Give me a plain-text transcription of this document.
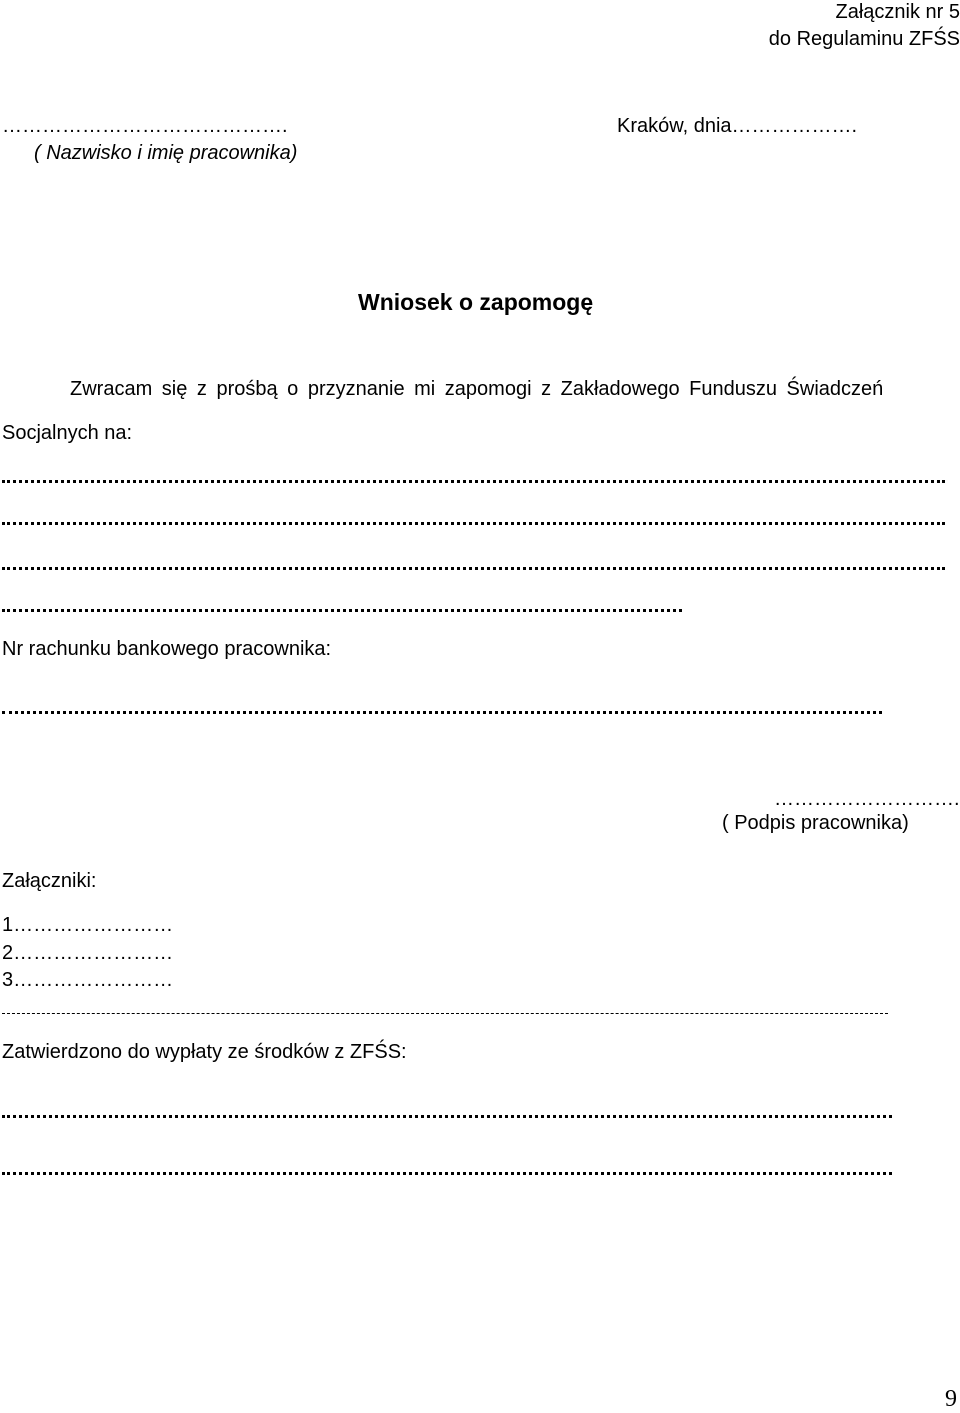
Załącznik nr 5
do Regulaminu ZFŚS
…………………………………….
( Nazwisko i imię pracownika)
Kraków, dnia……………….
Wniosek o zapomogę
Zwracam się z prośbą o przyznanie mi zapomogi z Zakładowego Funduszu Świadczeń
Socjalnych na:
Nr rachunku bankowego pracownika:
……………………….
( Podpis pracownika)
Załączniki:
1……………………
2……………………
3……………………
Zatwierdzono do wypłaty ze środków z ZFŚS:
9
